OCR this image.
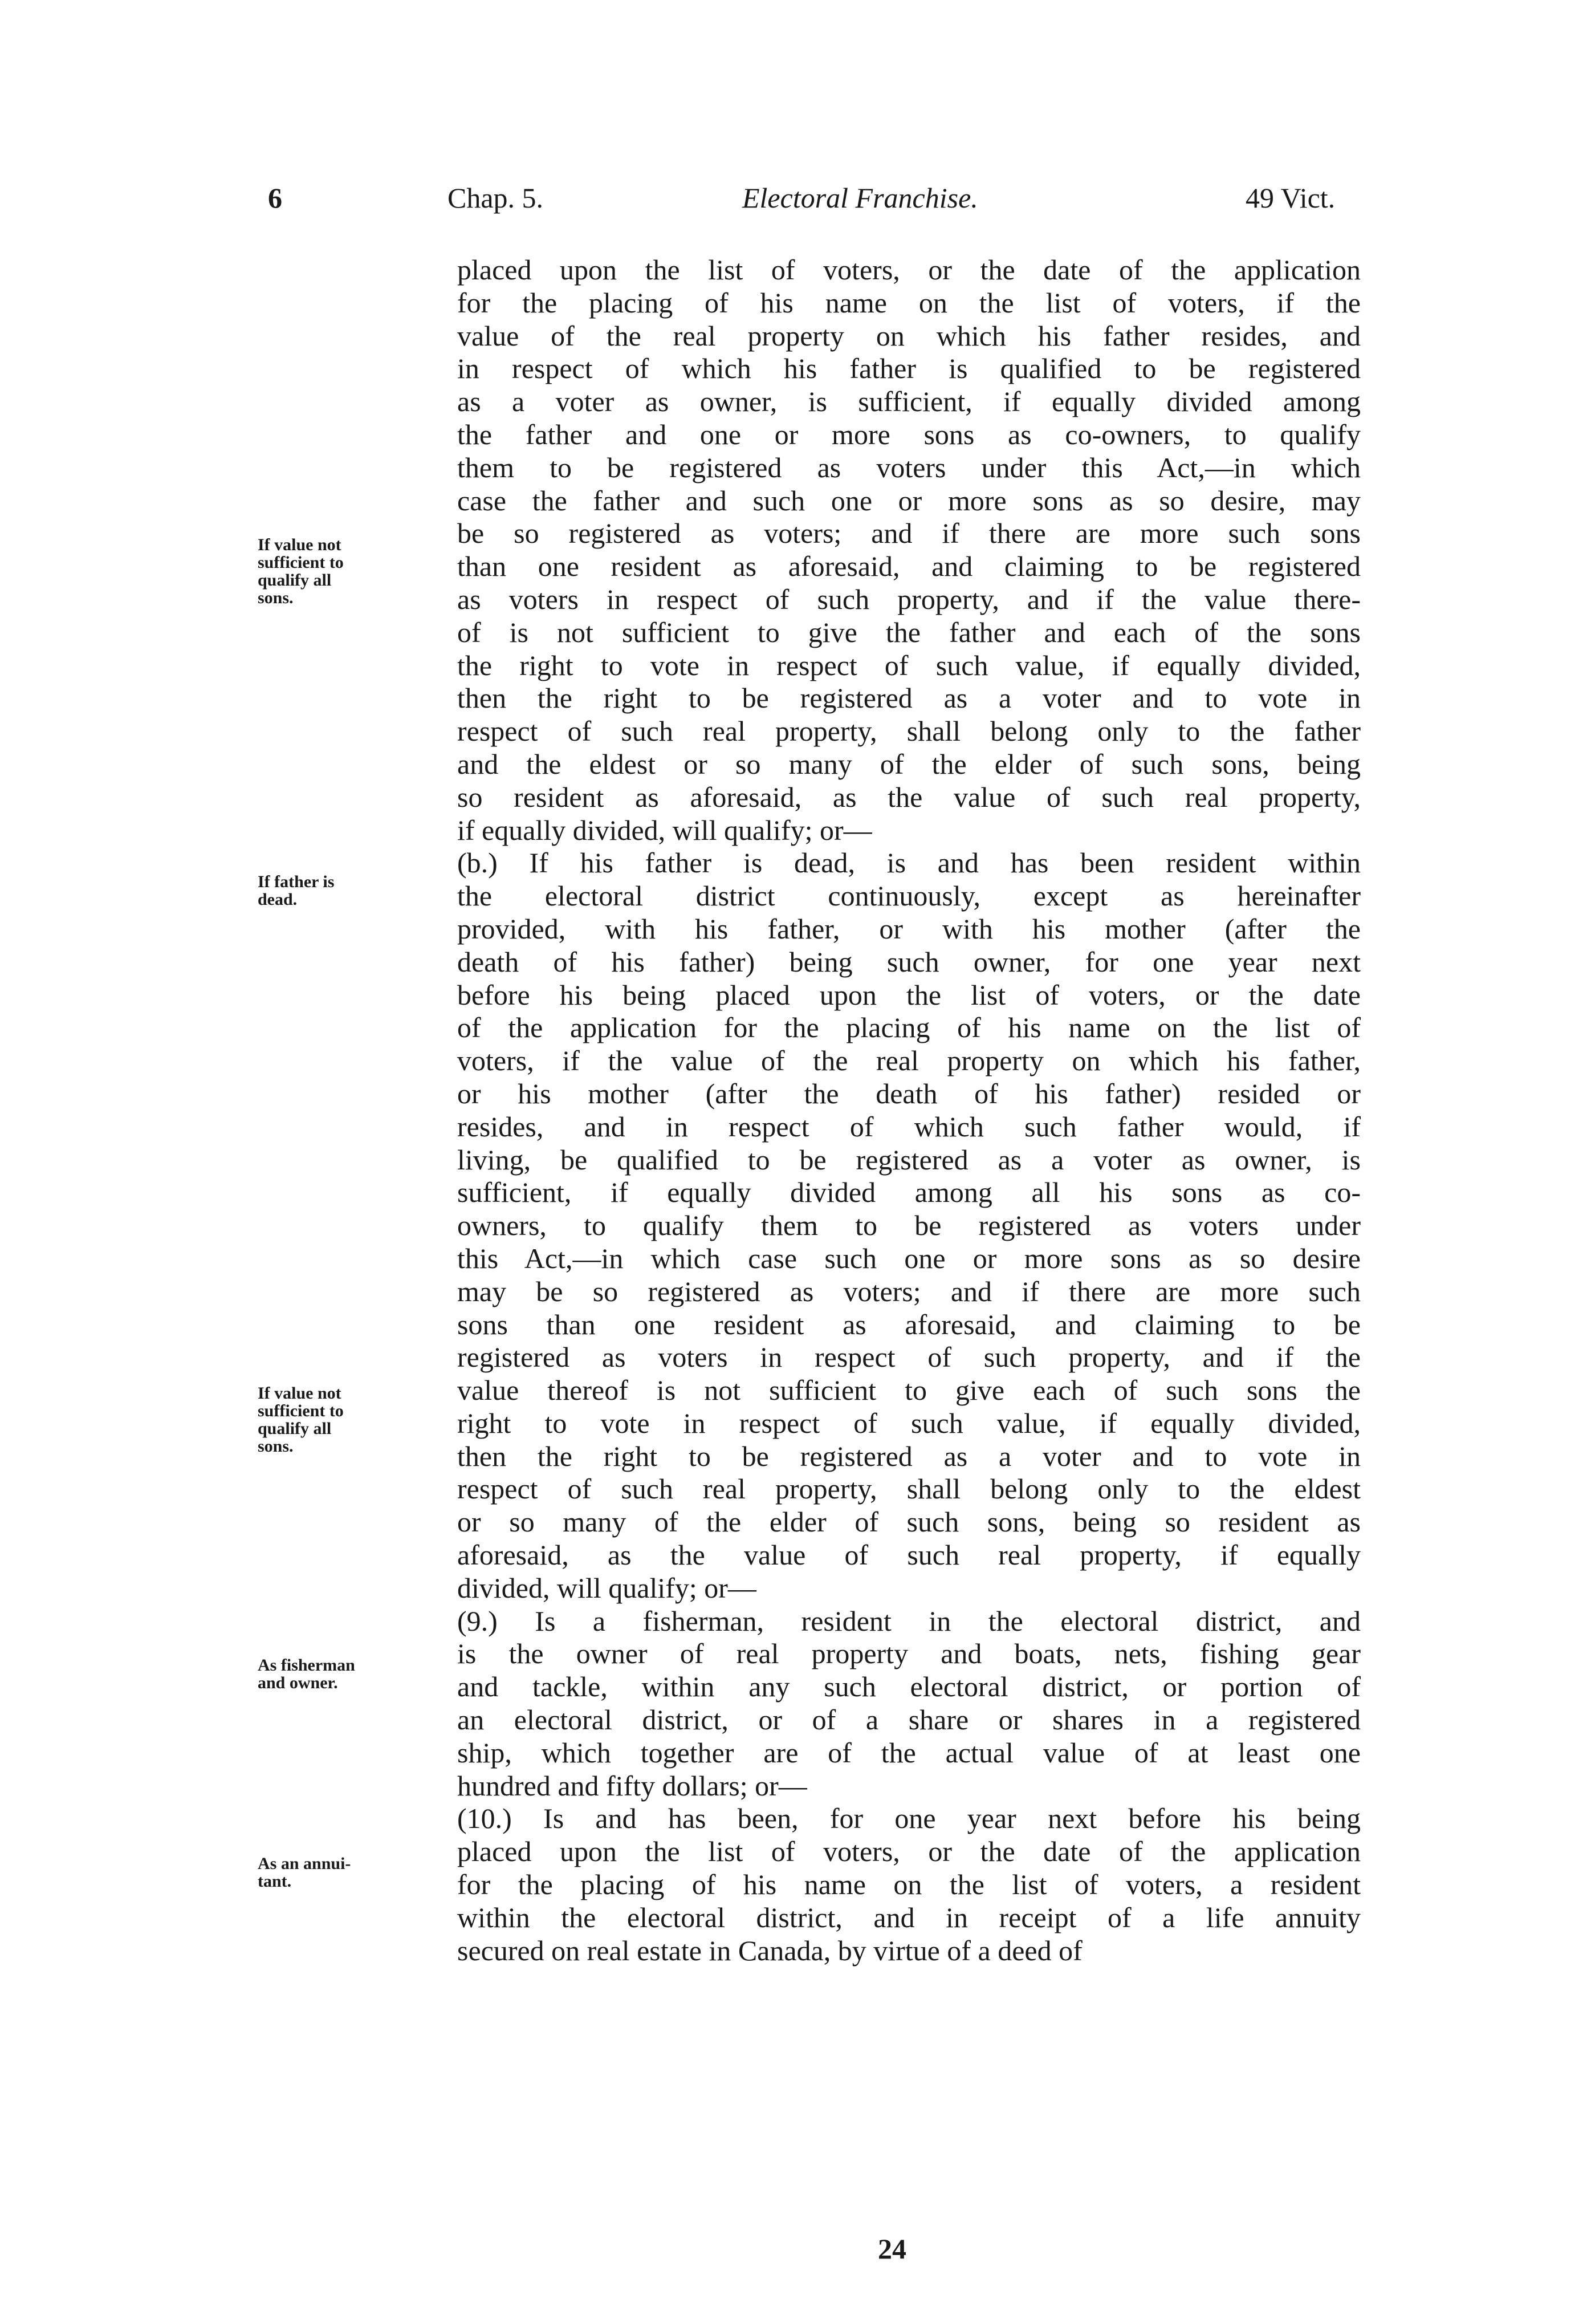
6	Chap. 5.	Electoral Franchise.	49 Vict.
placed upon the list of voters, or the date of the application
for the placing of his name on the list of voters, if the
value of the real property on which his father resides, and
in respect of which his father is qualified to be registered
as a voter as owner, is sufficient, if equally divided among
the father and one or more sons as co-owners, to qualify
them to be registered as voters under this Act,—in which
case the father and such one or more sons as so desire, may
be so registered as voters; and if there are more such sons
than one resident as aforesaid, and claiming to be registered
as voters in respect of such property, and if the value there-
of is not sufficient to give the father and each of the sons
the right to vote in respect of such value, if equally divided,
then the right to be registered as a voter and to vote in
respect of such real property, shall belong only to the father
and the eldest or so many of the elder of such sons, being
so resident as aforesaid, as the value of such real property,
if equally divided, will qualify; or—
(b.) If his father is dead, is and has been resident within
the electoral district continuously, except as hereinafter
provided, with his father, or with his mother (after the
death of his father) being such owner, for one year next
before his being placed upon the list of voters, or the date
of the application for the placing of his name on the list of
voters, if the value of the real property on which his father,
or his mother (after the death of his father) resided or
resides, and in respect of which such father would, if
living, be qualified to be registered as a voter as owner, is
sufficient, if equally divided among all his sons as co-
owners, to qualify them to be registered as voters under
this Act,—in which case such one or more sons as so desire
may be so registered as voters; and if there are more such
sons than one resident as aforesaid, and claiming to be
registered as voters in respect of such property, and if the
value thereof is not sufficient to give each of such sons the
right to vote in respect of such value, if equally divided,
then the right to be registered as a voter and to vote in
respect of such real property, shall belong only to the eldest
or so many of the elder of such sons, being so resident as
aforesaid, as the value of such real property, if equally
divided, will qualify; or—
(9.) Is a fisherman, resident in the electoral district, and
is the owner of real property and boats, nets, fishing gear
and tackle, within any such electoral district, or portion of
an electoral district, or of a share or shares in a registered
ship, which together are of the actual value of at least one
hundred and fifty dollars; or—
(10.) Is and has been, for one year next before his being
placed upon the list of voters, or the date of the application
for the placing of his name on the list of voters, a resident
within the electoral district, and in receipt of a life annuity
secured on real estate in Canada, by virtue of a deed of
If value not
sufficient to
qualify all
sons.
If father is
dead.
If value not
sufficient to
qualify all
sons.
As fisherman
and owner.
As an annui-
tant.
24
